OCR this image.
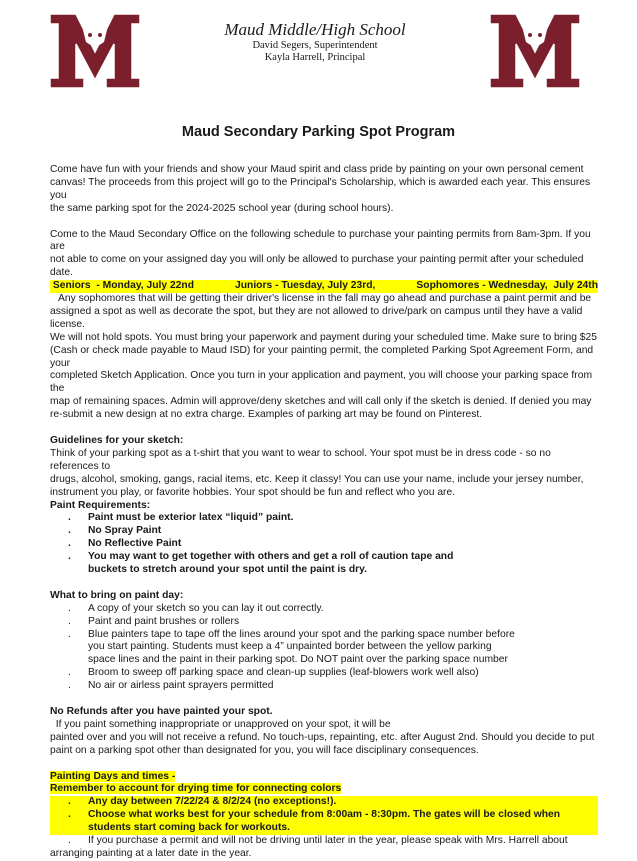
Maud Middle/High School
David Segers, Superintendent
Kayla Harrell, Principal
Maud Secondary Parking Spot Program

Come have fun with your friends and show your Maud spirit and class pride by painting on your own personal cement

canvas! The proceeds from this project will go to the Principal's Scholarship, which is awarded each year. This ensures you

the same parking spot for the 2024-2025 school year (during school hours).

Come to the Maud Secondary Office on the following schedule to purchase your painting permits from 8am-3pm. If you are

not able to come on your assigned day you will only be allowed to purchase your painting permit after your scheduled date.

Seniors  - Monday, July 22nd	Juniors - Tuesday, July 23rd,	Sophomores - Wednesday,  July 24th

Any sophomores that will be getting their driver's license in the fall may go ahead and purchase a paint permit and be

assigned a spot as well as decorate the spot, but they are not allowed to drive/park on campus until they have a valid license.

We will not hold spots. You must bring your paperwork and payment during your scheduled time. Make sure to bring $25

(Cash or check made payable to Maud ISD) for your painting permit, the completed Parking Spot Agreement Form, and your

completed Sketch Application. Once you turn in your application and payment, you will choose your parking space from the

map of remaining spaces. Admin will approve/deny sketches and will call only if the sketch is denied. If denied you may

re-submit a new design at no extra charge. Examples of parking art may be found on Pinterest.

Guidelines for your sketch:

Think of your parking spot as a t-shirt that you want to wear to school. Your spot must be in dress code - so no references to

drugs, alcohol, smoking, gangs, racial items, etc. Keep it classy! You can use your name, include your jersey number,

instrument you play, or favorite hobbies. Your spot should be fun and reflect who you are.

Paint Requirements:

. Paint must be exterior latex “liquid” paint.
. No Spray Paint
. No Reflective Paint
. You may want to get together with others and get a roll of caution tape and
buckets to stretch around your spot until the paint is dry.

What to bring on paint day:

. A copy of your sketch so you can lay it out correctly.
. Paint and paint brushes or rollers
. Blue painters tape to tape off the lines around your spot and the parking space number before
you start painting. Students must keep a 4” unpainted border between the yellow parking
space lines and the paint in their parking spot. Do NOT paint over the parking space number
. Broom to sweep off parking space and clean-up supplies (leaf-blowers work well also)
. No air or airless paint sprayers permitted

No Refunds after you have painted your spot.  If you paint something inappropriate or unapproved on your spot, it will be

painted over and you will not receive a refund. No touch-ups, repainting, etc. after August 2nd. Should you decide to put

paint on a parking spot other than designated for you, you will face disciplinary consequences.

Painting Days and times -

Remember to account for drying time for connecting colors

. Any day between 7/22/24 & 8/2/24 (no exceptions!).
. Choose what works best for your schedule from 8:00am - 8:30pm. The gates will be closed when
students start coming back for workouts.
. If you purchase a permit and will not be driving until later in the year, please speak with Mrs. Harrell about

arranging painting at a later date in the year.
